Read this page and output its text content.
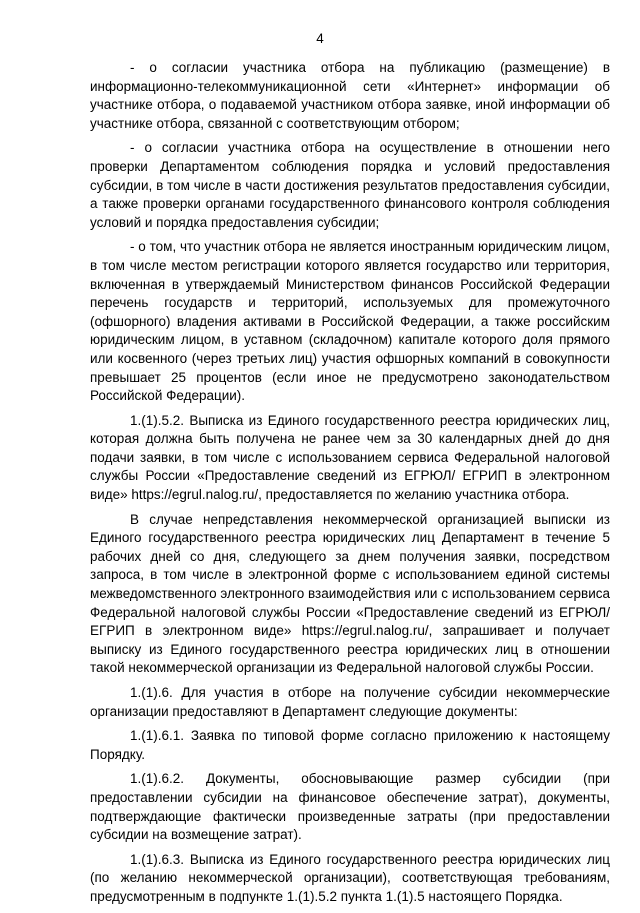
4

- о согласии участника отбора на публикацию (размещение) в информационно-телекоммуникационной сети «Интернет» информации об участнике отбора, о подаваемой участником отбора заявке, иной информации об участнике отбора, связанной с соответствующим отбором;

- о согласии участника отбора на осуществление в отношении него проверки Департаментом соблюдения порядка и условий предоставления субсидии, в том числе в части достижения результатов предоставления субсидии, а также проверки органами государственного финансового контроля соблюдения условий и порядка предоставления субсидии;

- о том, что участник отбора не является иностранным юридическим лицом, в том числе местом регистрации которого является государство или территория, включенная в утверждаемый Министерством финансов Российской Федерации перечень государств и территорий, используемых для промежуточного (офшорного) владения активами в Российской Федерации, а также российским юридическим лицом, в уставном (складочном) капитале которого доля прямого или косвенного (через третьих лиц) участия офшорных компаний в совокупности превышает 25 процентов (если иное не предусмотрено законодательством Российской Федерации).

1.(1).5.2. Выписка из Единого государственного реестра юридических лиц, которая должна быть получена не ранее чем за 30 календарных дней до дня подачи заявки, в том числе с использованием сервиса Федеральной налоговой службы России «Предоставление сведений из ЕГРЮЛ/ ЕГРИП в электронном виде» https://egrul.nalog.ru/, предоставляется по желанию участника отбора.

В случае непредставления некоммерческой организацией выписки из Единого государственного реестра юридических лиц Департамент в течение 5 рабочих дней со дня, следующего за днем получения заявки, посредством запроса, в том числе в электронной форме с использованием единой системы межведомственного электронного взаимодействия или с использованием сервиса Федеральной налоговой службы России «Предоставление сведений из ЕГРЮЛ/ ЕГРИП в электронном виде» https://egrul.nalog.ru/, запрашивает и получает выписку из Единого государственного реестра юридических лиц в отношении такой некоммерческой организации из Федеральной налоговой службы России.

1.(1).6. Для участия в отборе на получение субсидии некоммерческие организации предоставляют в Департамент следующие документы:

1.(1).6.1. Заявка по типовой форме согласно приложению к настоящему Порядку.

1.(1).6.2. Документы, обосновывающие размер субсидии (при предоставлении субсидии на финансовое обеспечение затрат), документы, подтверждающие фактически произведенные затраты (при предоставлении субсидии на возмещение затрат).

1.(1).6.3. Выписка из Единого государственного реестра юридических лиц (по желанию некоммерческой организации), соответствующая требованиям, предусмотренным в подпункте 1.(1).5.2 пункта 1.(1).5 настоящего Порядка.
